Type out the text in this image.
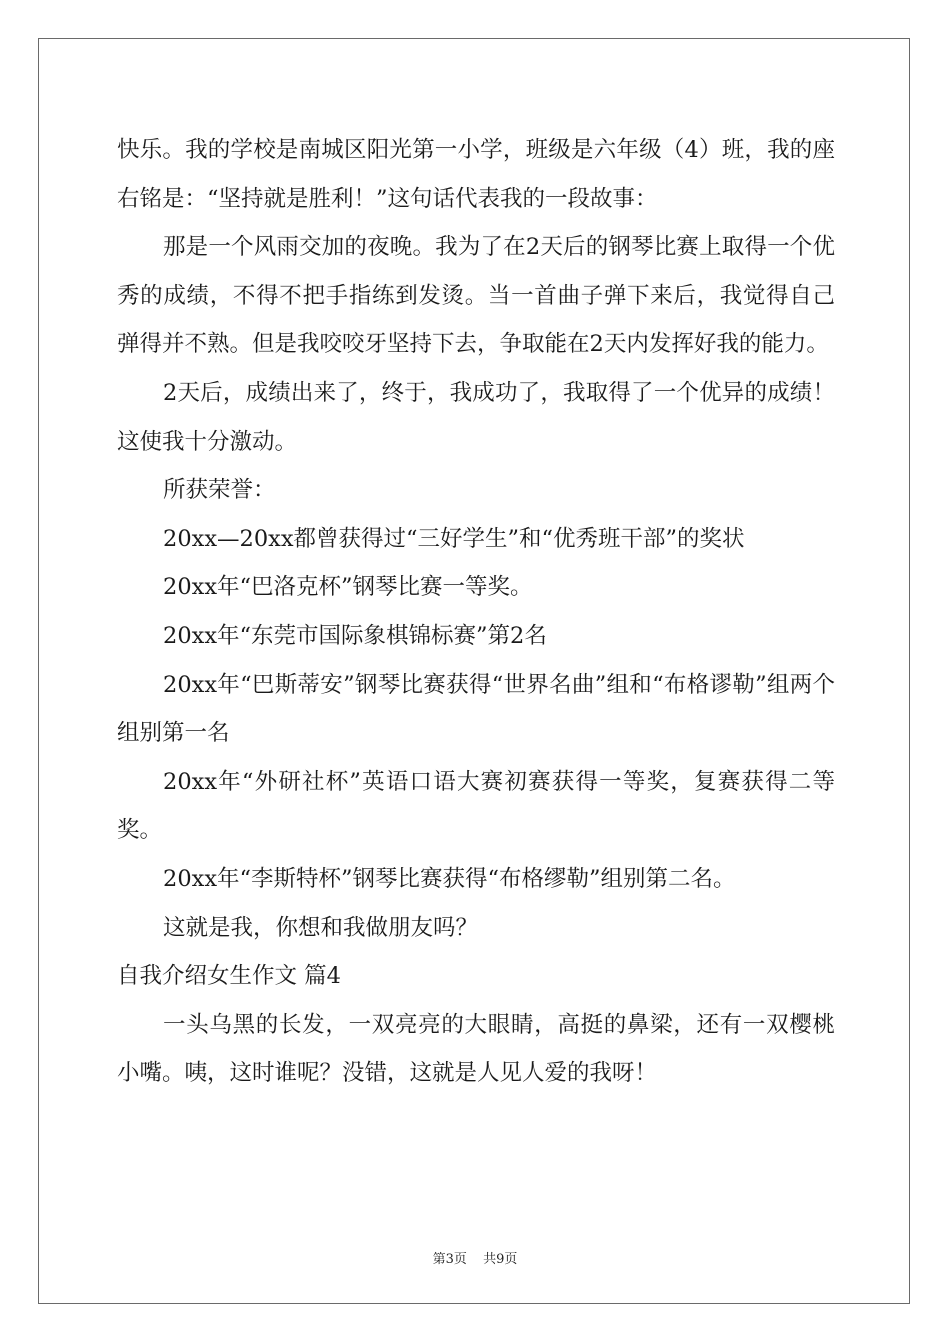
快乐。我的学校是南城区阳光第一小学，班级是六年级（4）班，我的座右铭是：“坚持就是胜利！”这句话代表我的一段故事：

那是一个风雨交加的夜晚。我为了在2天后的钢琴比赛上取得一个优秀的成绩，不得不把手指练到发烫。当一首曲子弹下来后，我觉得自己弹得并不熟。但是我咬咬牙坚持下去，争取能在2天内发挥好我的能力。

2天后，成绩出来了，终于，我成功了，我取得了一个优异的成绩！这使我十分激动。

所获荣誉：

20xx—20xx都曾获得过“三好学生”和“优秀班干部”的奖状

20xx年“巴洛克杯”钢琴比赛一等奖。

20xx年“东莞市国际象棋锦标赛”第2名

20xx年“巴斯蒂安”钢琴比赛获得“世界名曲”组和“布格谬勒”组两个组别第一名

20xx年“外研社杯”英语口语大赛初赛获得一等奖，复赛获得二等奖。

20xx年“李斯特杯”钢琴比赛获得“布格缪勒”组别第二名。

这就是我，你想和我做朋友吗？

自我介绍女生作文 篇4

一头乌黑的长发，一双亮亮的大眼睛，高挺的鼻梁，还有一双樱桃小嘴。咦，这时谁呢？没错，这就是人见人爱的我呀！

第3页 共9页
